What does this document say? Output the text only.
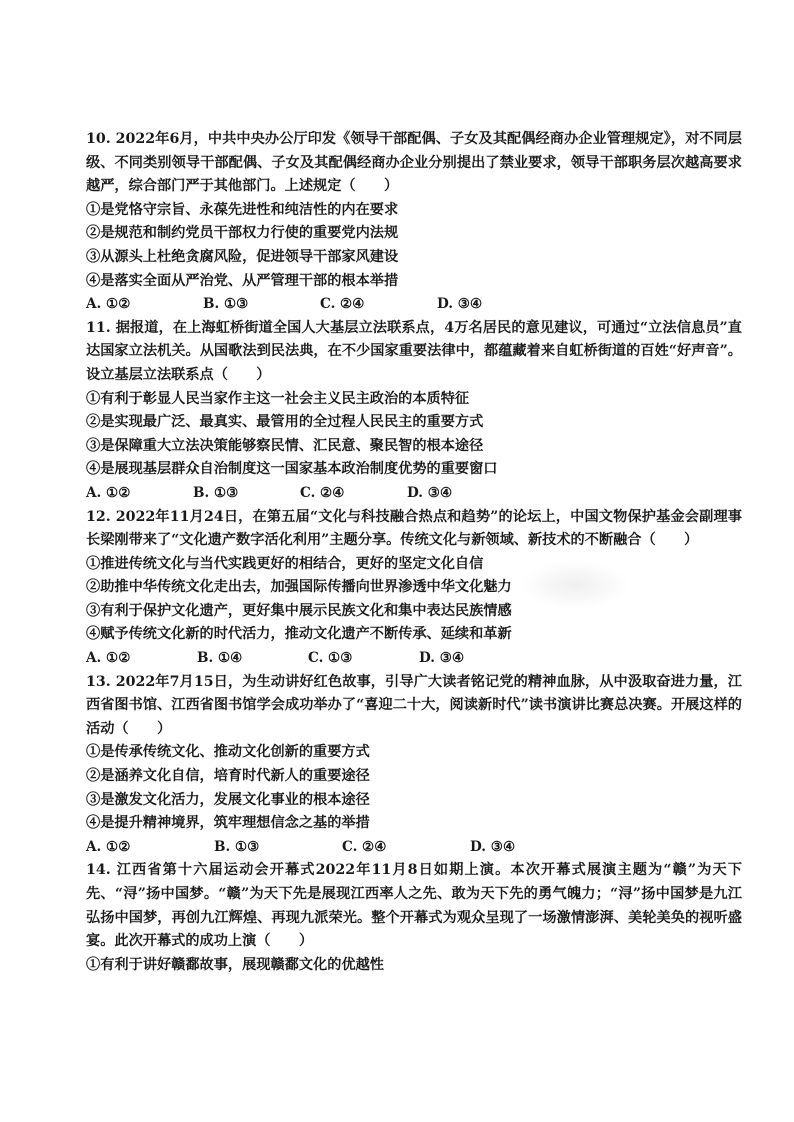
10. 2022年6月，中共中央办公厅印发《领导干部配偶、子女及其配偶经商办企业管理规定》，对不同层级、不同类别领导干部配偶、子女及其配偶经商办企业分别提出了禁业要求，领导干部职务层次越高要求越严，综合部门严于其他部门。上述规定（　　）

①是党恪守宗旨、永葆先进性和纯洁性的内在要求

②是规范和制约党员干部权力行使的重要党内法规

③从源头上杜绝贪腐风险，促进领导干部家风建设

④是落实全面从严治党、从严管理干部的根本举措

A. ①②	B. ①③	C. ②④	D. ③④

11. 据报道，在上海虹桥街道全国人大基层立法联系点，4万名居民的意见建议，可通过“立法信息员”直达国家立法机关。从国歌法到民法典，在不少国家重要法律中，都蕴藏着来自虹桥街道的百姓“好声音”。设立基层立法联系点（　　）

①有利于彰显人民当家作主这一社会主义民主政治的本质特征

②是实现最广泛、最真实、最管用的全过程人民民主的重要方式

③是保障重大立法决策能够察民情、汇民意、聚民智的根本途径

④是展现基层群众自治制度这一国家基本政治制度优势的重要窗口

A. ①②	B. ①③	C. ②④	D. ③④

12. 2022年11月24日，在第五届“文化与科技融合热点和趋势”的论坛上，中国文物保护基金会副理事长梁刚带来了“文化遗产数字活化利用”主题分享。传统文化与新领域、新技术的不断融合（　　）

①推进传统文化与当代实践更好的相结合，更好的坚定文化自信

②助推中华传统文化走出去，加强国际传播向世界渗透中华文化魅力

③有利于保护文化遗产，更好集中展示民族文化和集中表达民族情感

④赋予传统文化新的时代活力，推动文化遗产不断传承、延续和革新

A. ①②	B. ①④	C. ①③	D. ③④

13. 2022年7月15日，为生动讲好红色故事，引导广大读者铭记党的精神血脉，从中汲取奋进力量，江西省图书馆、江西省图书馆学会成功举办了“喜迎二十大，阅读新时代”读书演讲比赛总决赛。开展这样的活动（　　）

①是传承传统文化、推动文化创新的重要方式

②是涵养文化自信，培育时代新人的重要途径

③是激发文化活力，发展文化事业的根本途径

④是提升精神境界，筑牢理想信念之基的举措

A. ①②	B. ①③	C. ②④	D. ③④

14. 江西省第十六届运动会开幕式2022年11月8日如期上演。本次开幕式展演主题为“赣”为天下先、“浔”扬中国梦。“赣”为天下先是展现江西率人之先、敢为天下先的勇气魄力；“浔”扬中国梦是九江弘扬中国梦，再创九江辉煌、再现九派荣光。整个开幕式为观众呈现了一场激情澎湃、美轮美奂的视听盛宴。此次开幕式的成功上演（　　）

①有利于讲好赣鄱故事，展现赣鄱文化的优越性
